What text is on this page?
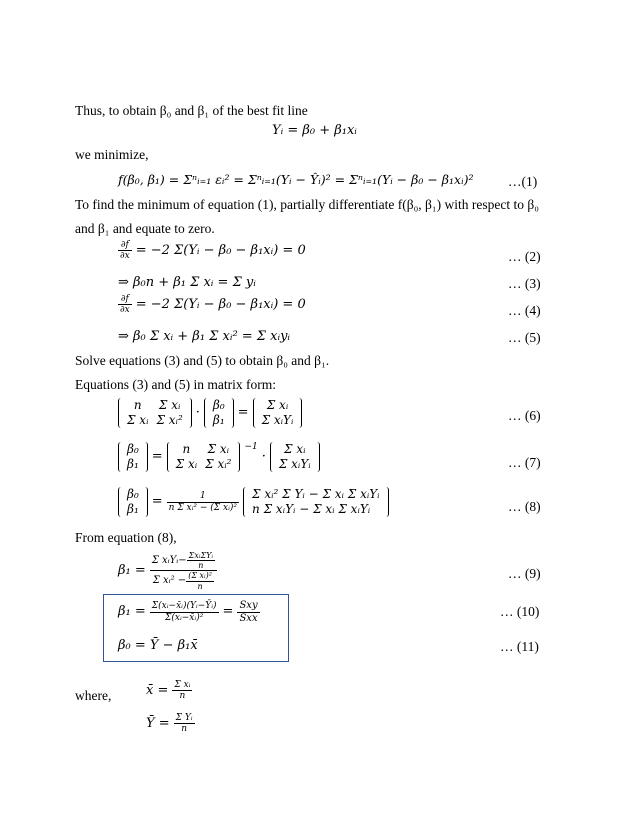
Thus, to obtain β₀ and β₁ of the best fit line
Yᵢ = β₀ + β₁xᵢ
we minimize,
f(β₀, β₁) = Σⁿᵢ₌₁ εᵢ² = Σⁿᵢ₌₁(Yᵢ − Ŷᵢ)² = Σⁿᵢ₌₁(Yᵢ − β₀ − β₁xᵢ)²	…(1)
To find the minimum of equation (1), partially differentiate f(β₀, β₁) with respect to β₀
and β₁ and equate to zero.
$\frac{\partial f}{\partial x} = -2$ Σ(Yᵢ − β₀ − β₁xᵢ) = 0	… (2)
⇒ β₀n + β₁ Σ xᵢ = Σ yᵢ	… (3)
$\frac{\partial f}{\partial x} = -2$ Σ(Yᵢ − β₀ − β₁xᵢ) = 0	… (4)
⇒ β₀ Σ xᵢ + β₁ Σ xᵢ² = Σ xᵢyᵢ	… (5)
Solve equations (3) and (5) to obtain β₀ and β₁.
Equations (3) and (5) in matrix form:
n	Σ xᵢ
Σ xᵢ	Σ xᵢ² ·
β₀
β₁ =
Σ xᵢ
Σ xᵢYᵢ	… (6)
β₀
β₁ =
n	Σ xᵢ
Σ xᵢ	Σ xᵢ²
−1
·
Σ xᵢ
Σ xᵢYᵢ	… (7)
β₀
$\beta_1 = \frac{1}{\text{n Σ xᵢ² − (Σ xᵢ)²}}$ Σ xᵢ² Σ Yᵢ − Σ xᵢ Σ xᵢYᵢ
n Σ xᵢYᵢ − Σ xᵢ Σ xᵢYᵢ	… (8)
From equation (8),
$\beta_1 = \frac{\Sigma xᵢYᵢ- \frac{\text{ΣxᵢΣYᵢ}}{n}}{\Sigma xᵢ^2 - \frac{\text{(Σ xᵢ)²}}{n}}$	… (9)
$\beta_1 = \frac{\text{Σ(xᵢ−x̄ᵢ)(Yᵢ−Ȳᵢ)}}{\text{Σ(xᵢ−x̄ᵢ)²}} = \frac{\text{Sxy}}{\text{Sxx}}$	… (10)
β₀ = Ȳ − β₁x̄	… (11)
where,	x̄ = $\frac{\text{Σ xᵢ}}{n}$
Ȳ = $\frac{\text{Σ Yᵢ}}{n}$
